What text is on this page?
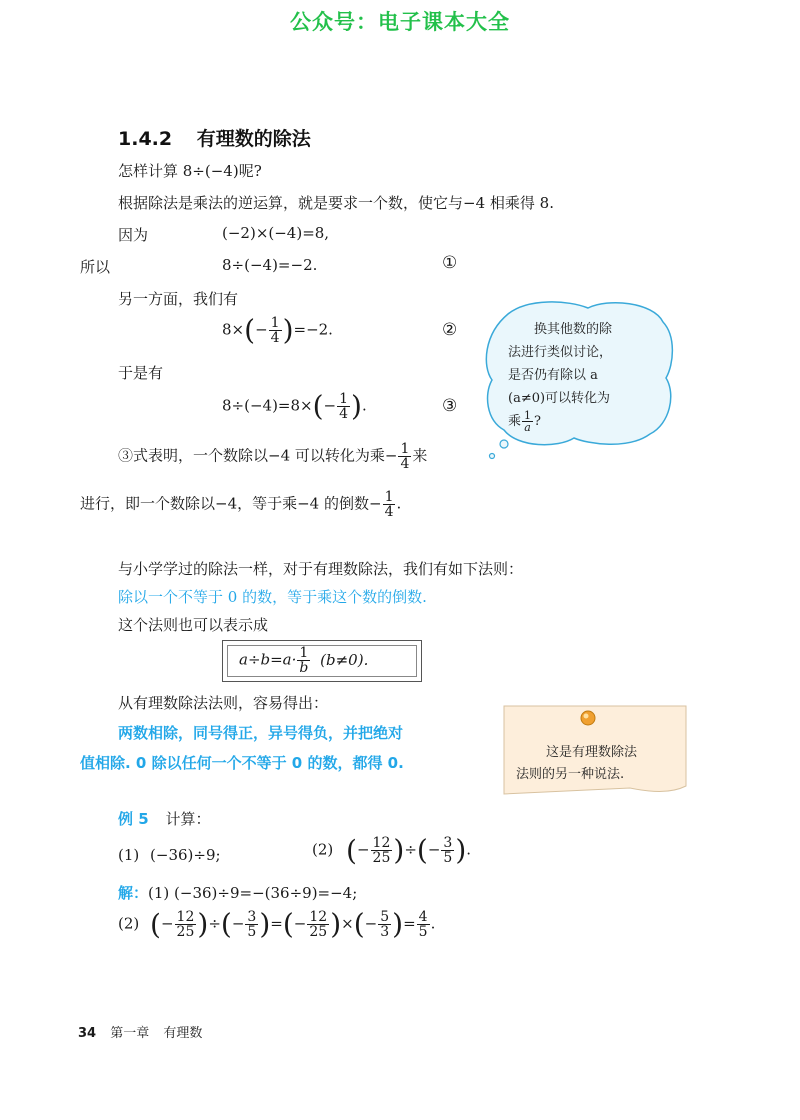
公众号：电子课本大全
1.4.2 有理数的除法
怎样计算 8÷(−4)呢?
根据除法是乘法的逆运算，就是要求一个数，使它与−4 相乘得 8.
因为	(−2)×(−4)=8,
所以	8÷(−4)=−2.	①
另一方面，我们有
$8\times(- \frac{1}{4} )=-2$.	②
于是有
$8\div(-4)=8\times(- \frac{1}{4}$ ).	③
③式表明，一个数除以−4 可以转化为乘− $\frac{1}{4}$ 来
进行，即一个数除以−4，等于乘−4 的倒数− $\frac{1}{4}$ .
换其他数的除
法进行类似讨论，
是否仍有除以 a
(a≠0)可以转化为
乘 $\frac{1}{a}$ ?
与小学学过的除法一样，对于有理数除法，我们有如下法则：
除以一个不等于 0 的数，等于乘这个数的倒数.
这个法则也可以表示成
$a\div b=a\cdot \frac{1}{b} (b\ne 0)$.
从有理数除法法则，容易得出：
两数相除，同号得正，异号得负，并把绝对
值相除. 0 除以任何一个不等于 0 的数，都得 0.
这是有理数除法
法则的另一种说法.
例 5 计算：
(1) (−36)÷9;	(2) (− $\frac{12}{25}$ )÷(− $\frac{3}{5}$ ).
解：(1) (−36)÷9=−(36÷9)=−4;
(2) (− $\frac{12}{25}$ )÷(− $\frac{3}{5}$ )=(− $\frac{12}{25}$ )×(− $\frac{5}{3}$ )= $\frac{4}{5}$ .
34 第一章 有理数
